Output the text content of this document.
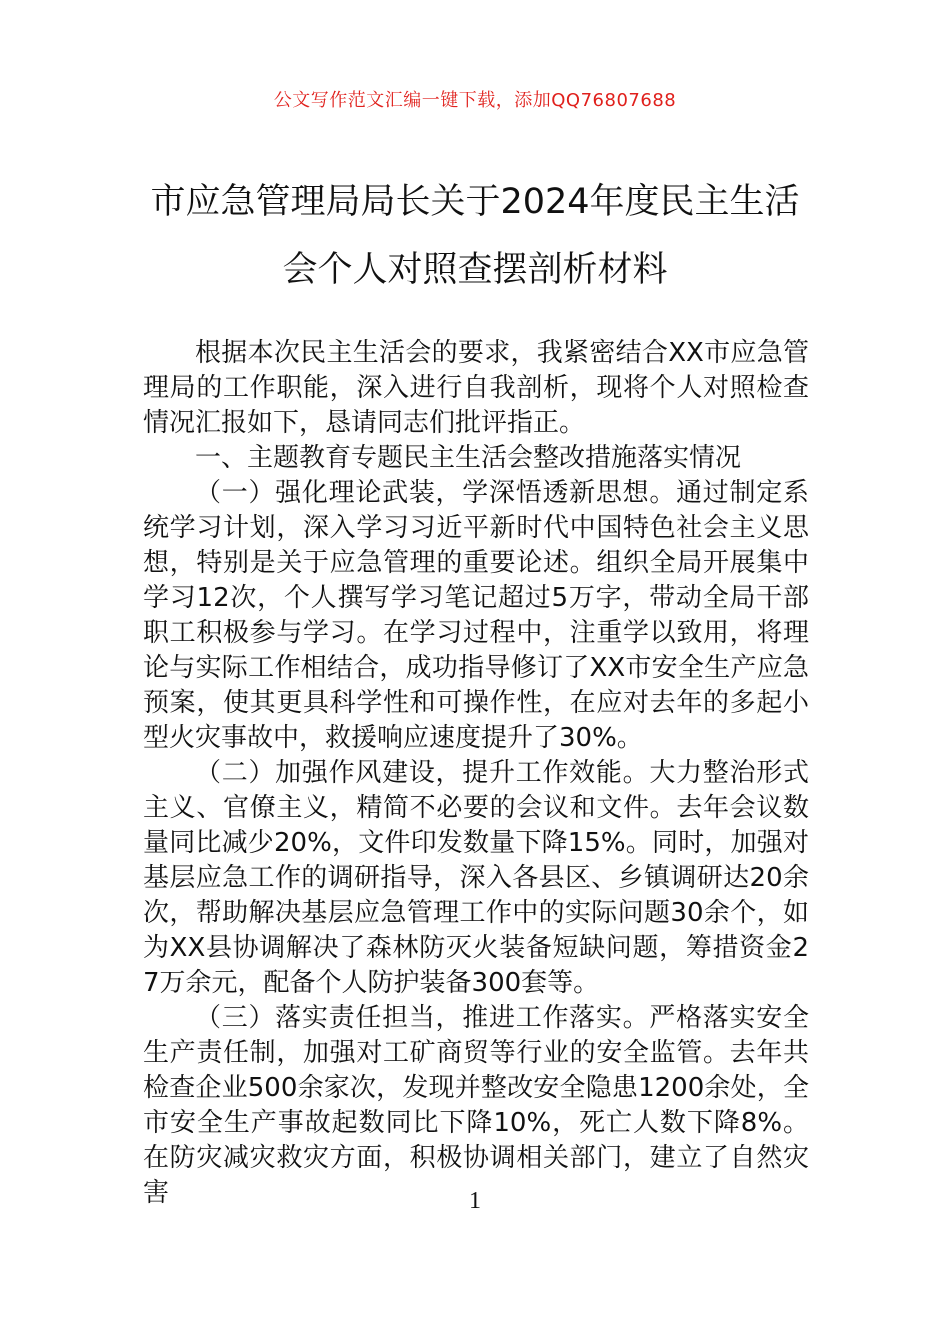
公文写作范文汇编一键下载，添加QQ76807688
市应急管理局局长关于2024年度民主生活
会个人对照查摆剖析材料

根据本次民主生活会的要求，我紧密结合XX市应急管理局的工作职能，深入进行自我剖析，现将个人对照检查情况汇报如下，恳请同志们批评指正。

一、主题教育专题民主生活会整改措施落实情况

（一）强化理论武装，学深悟透新思想。通过制定系统学习计划，深入学习习近平新时代中国特色社会主义思想，特别是关于应急管理的重要论述。组织全局开展集中学习12次，个人撰写学习笔记超过5万字，带动全局干部职工积极参与学习。在学习过程中，注重学以致用，将理论与实际工作相结合，成功指导修订了XX市安全生产应急预案，使其更具科学性和可操作性，在应对去年的多起小型火灾事故中，救援响应速度提升了30%。

（二）加强作风建设，提升工作效能。大力整治形式主义、官僚主义，精简不必要的会议和文件。去年会议数量同比减少20%，文件印发数量下降15%。同时，加强对基层应急工作的调研指导，深入各县区、乡镇调研达20余次，帮助解决基层应急管理工作中的实际问题30余个，如为XX县协调解决了森林防灭火装备短缺问题，筹措资金27万余元，配备个人防护装备300套等。

（三）落实责任担当，推进工作落实。严格落实安全生产责任制，加强对工矿商贸等行业的安全监管。去年共检查企业500余家次，发现并整改安全隐患1200余处，全市安全生产事故起数同比下降10%，死亡人数下降8%。在防灾减灾救灾方面，积极协调相关部门，建立了自然灾害	1
